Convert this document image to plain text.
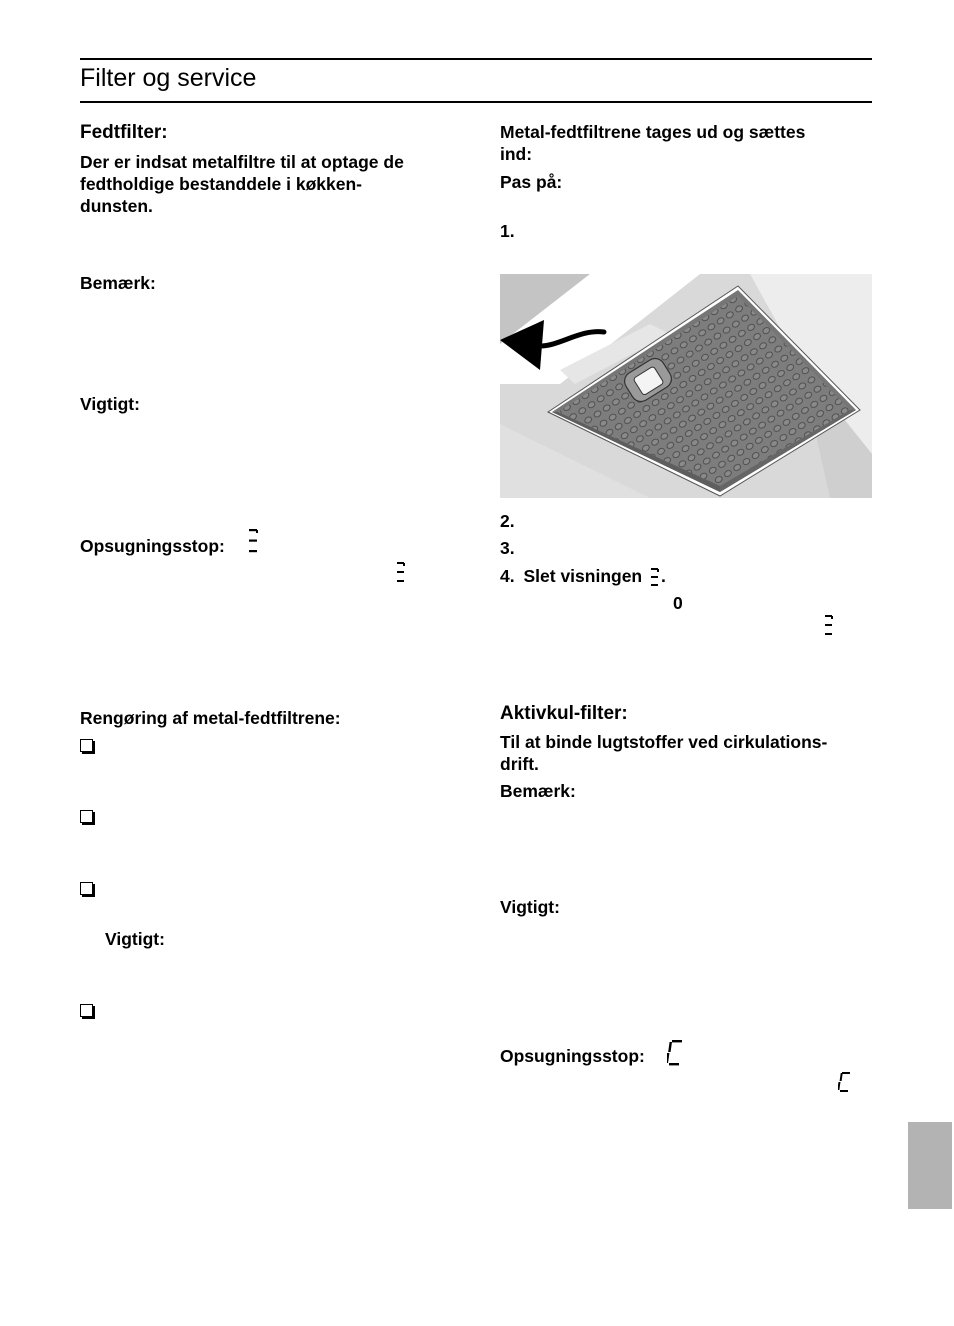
Filter og service
Fedtfilter:
Der er indsat metalfiltre til at optage de
fedtholdige bestanddele i køkken-
dunsten.
Bemærk:
Vigtigt:
Opsugningsstop:
Rengøring af metal-fedtfiltrene:
Vigtigt:
Metal-fedtfiltrene tages ud og sættes
ind:
Pas på:
1.
2.
3.
4. Slet visningen .
0
Aktivkul-filter:
Til at binde lugtstoffer ved cirkulations-
drift.
Bemærk:
Vigtigt:
Opsugningsstop:
